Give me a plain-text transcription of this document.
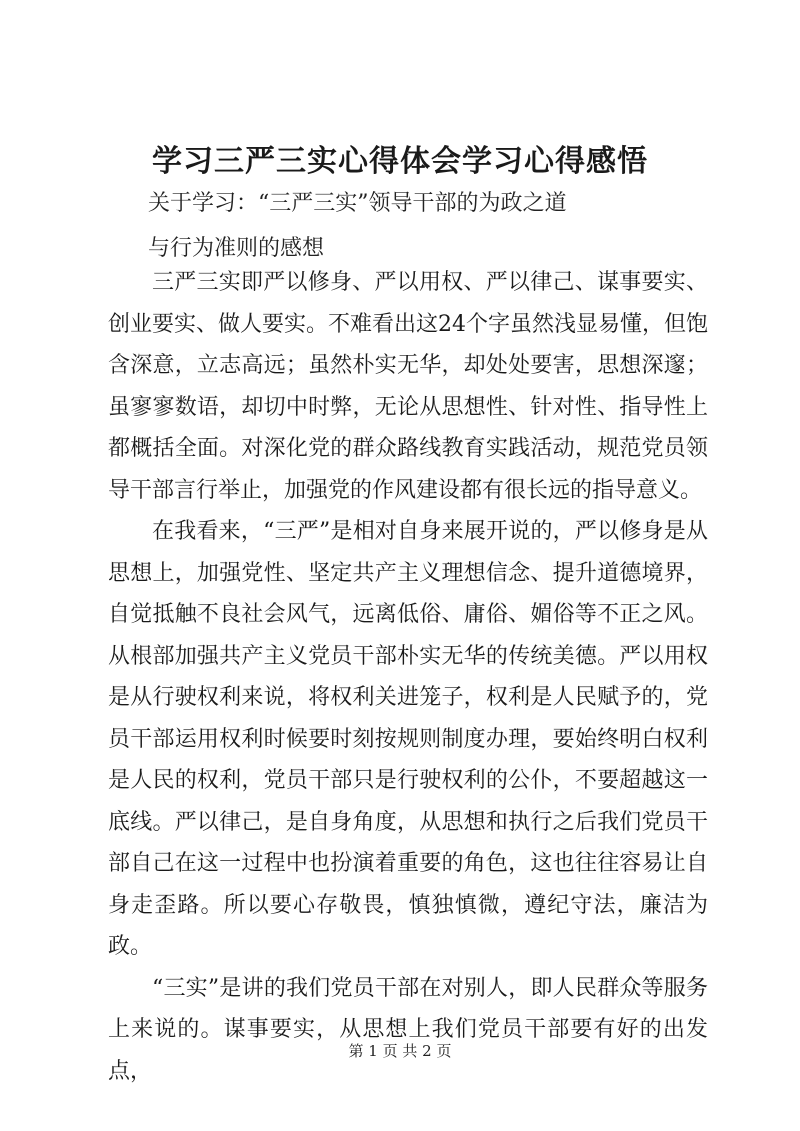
学习三严三实心得体会学习心得感悟

关于学习：“三严三实”领导干部的为政之道

与行为准则的感想

三严三实即严以修身、严以用权、严以律己、谋事要实、创业要实、做人要实。不难看出这24个字虽然浅显易懂，但饱含深意，立志高远；虽然朴实无华，却处处要害，思想深邃；虽寥寥数语，却切中时弊，无论从思想性、针对性、指导性上都概括全面。对深化党的群众路线教育实践活动，规范党员领导干部言行举止，加强党的作风建设都有很长远的指导意义。

在我看来，“三严”是相对自身来展开说的，严以修身是从思想上，加强党性、坚定共产主义理想信念、提升道德境界，自觉抵触不良社会风气，远离低俗、庸俗、媚俗等不正之风。从根部加强共产主义党员干部朴实无华的传统美德。严以用权是从行驶权利来说，将权利关进笼子，权利是人民赋予的，党员干部运用权利时候要时刻按规则制度办理，要始终明白权利是人民的权利，党员干部只是行驶权利的公仆，不要超越这一底线。严以律己，是自身角度，从思想和执行之后我们党员干部自己在这一过程中也扮演着重要的角色，这也往往容易让自身走歪路。所以要心存敬畏，慎独慎微，遵纪守法，廉洁为政。

“三实”是讲的我们党员干部在对别人，即人民群众等服务上来说的。谋事要实，从思想上我们党员干部要有好的出发点，

第 1 页 共 2 页
